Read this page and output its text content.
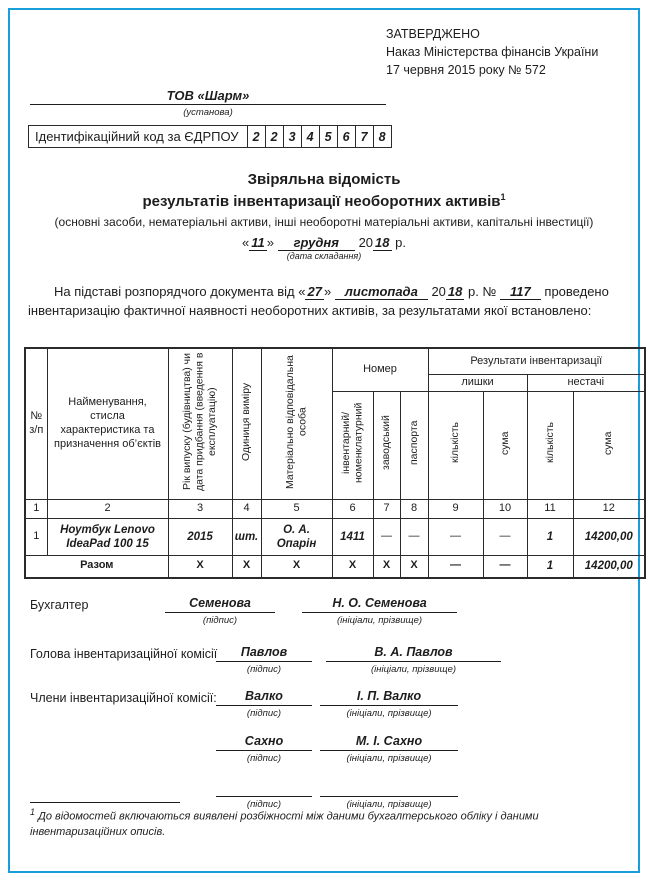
ЗАТВЕРДЖЕНО
Наказ Міністерства фінансів України
17 червня 2015 року № 572
ТОВ «Шарм»
(установа)
Ідентифікаційний код за ЄДРПОУ	2 2 3 4 5 6 7 8
Звіряльна відомість
результатів інвентаризації необоротних активів$^1$
(основні засоби, нематеріальні активи, інші необоротні матеріальні активи, капітальні інвестиції)
« 11 » грудня 20 18 р.
(дата складання)
На підставі розпорядчого документа від « 27 » листопада 20 18 р. № 117 проведено інвентаризацію фактичної наявності необоротних активів, за результатами якої встановлено:
№ з/п	Найменування, стисла характеристика та призначення об’єктів	Рік випуску (будівництва) чи дата придбання (введення в експлуатацію)	Одиниця виміру	Матеріально відповідальна особа	Номер			Результати інвентаризації			
								лишки		нестачі	
					інвентарний/ номенклатурний	заводський	паспорта	кількість	сума	кількість	сума
1	2	3	4	5	6	7	8	9	10	11	12
1	Ноутбук Lenovo IdeaPad 100 15	2015	шт.	О. А. Опарін	1411	—	—	—	—	1	14200,00
Разом		X	X	X	X	X	X	—	—	1	14200,00
Бухгалтер	Семенова
(підпис)
Н. О. Семенова
(ініціали, прізвище)
Голова інвентаризаційної комісії	Павлов
(підпис)
В. А. Павлов
(ініціали, прізвище)
Члени інвентаризаційної комісії:	Валко
(підпис)
І. П. Валко
(ініціали, прізвище)
Сахно
(підпис)
М. І. Сахно
(ініціали, прізвище)
(підпис)	(ініціали, прізвище)
$^1$ До відомостей включаються виявлені розбіжності між даними бухгалтерського обліку і даними інвентаризаційних описів.
